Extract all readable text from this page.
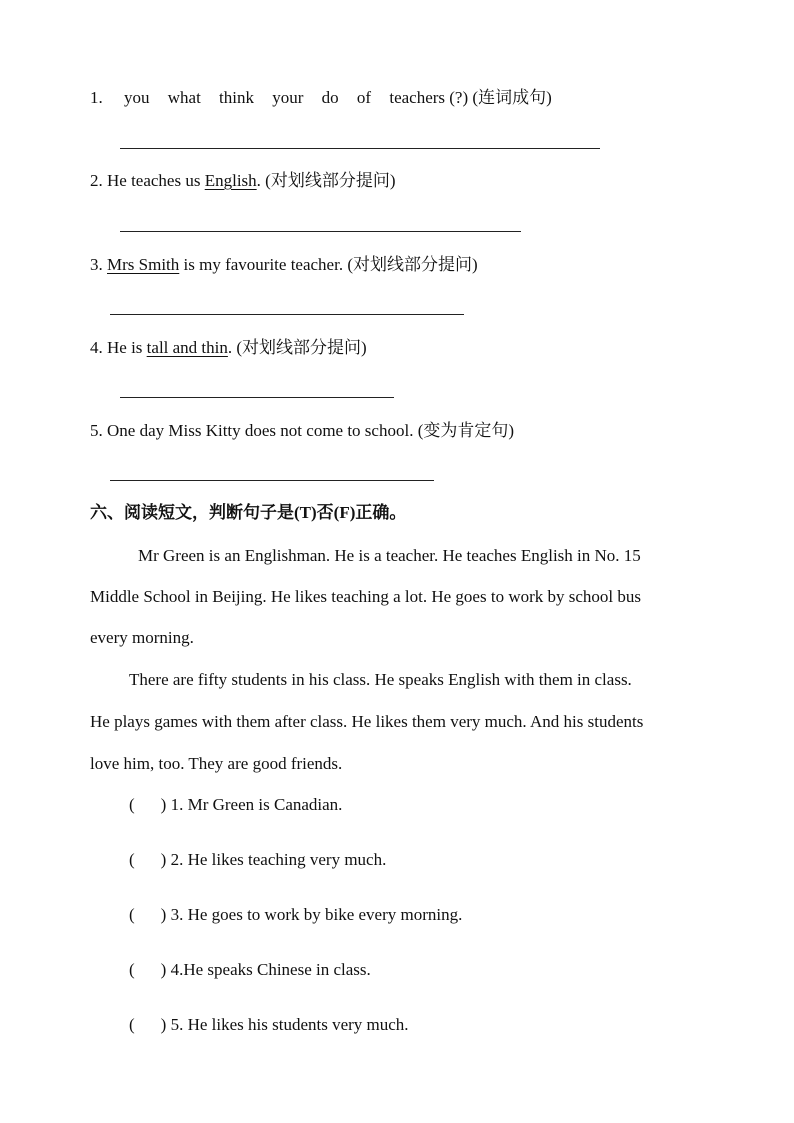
1. you what think your do of teachers (?) (连词成句)
2. He teaches us English. (对划线部分提问)
3. Mrs Smith is my favourite teacher. (对划线部分提问)
4. He is tall and thin. (对划线部分提问)
5. One day Miss Kitty does not come to school. (变为肯定句)
六、阅读短文，判断句子是(T)否(F)正确。
Mr Green is an Englishman. He is a teacher. He teaches English in No. 15
Middle School in Beijing. He likes teaching a lot. He goes to work by school bus
every morning.
There are fifty students in his class. He speaks English with them in class.
He plays games with them after class. He likes them very much. And his students
love him, too. They are good friends.
( ) 1. Mr Green is Canadian.
( ) 2. He likes teaching very much.
( ) 3. He goes to work by bike every morning.
( ) 4.He speaks Chinese in class.
( ) 5. He likes his students very much.
